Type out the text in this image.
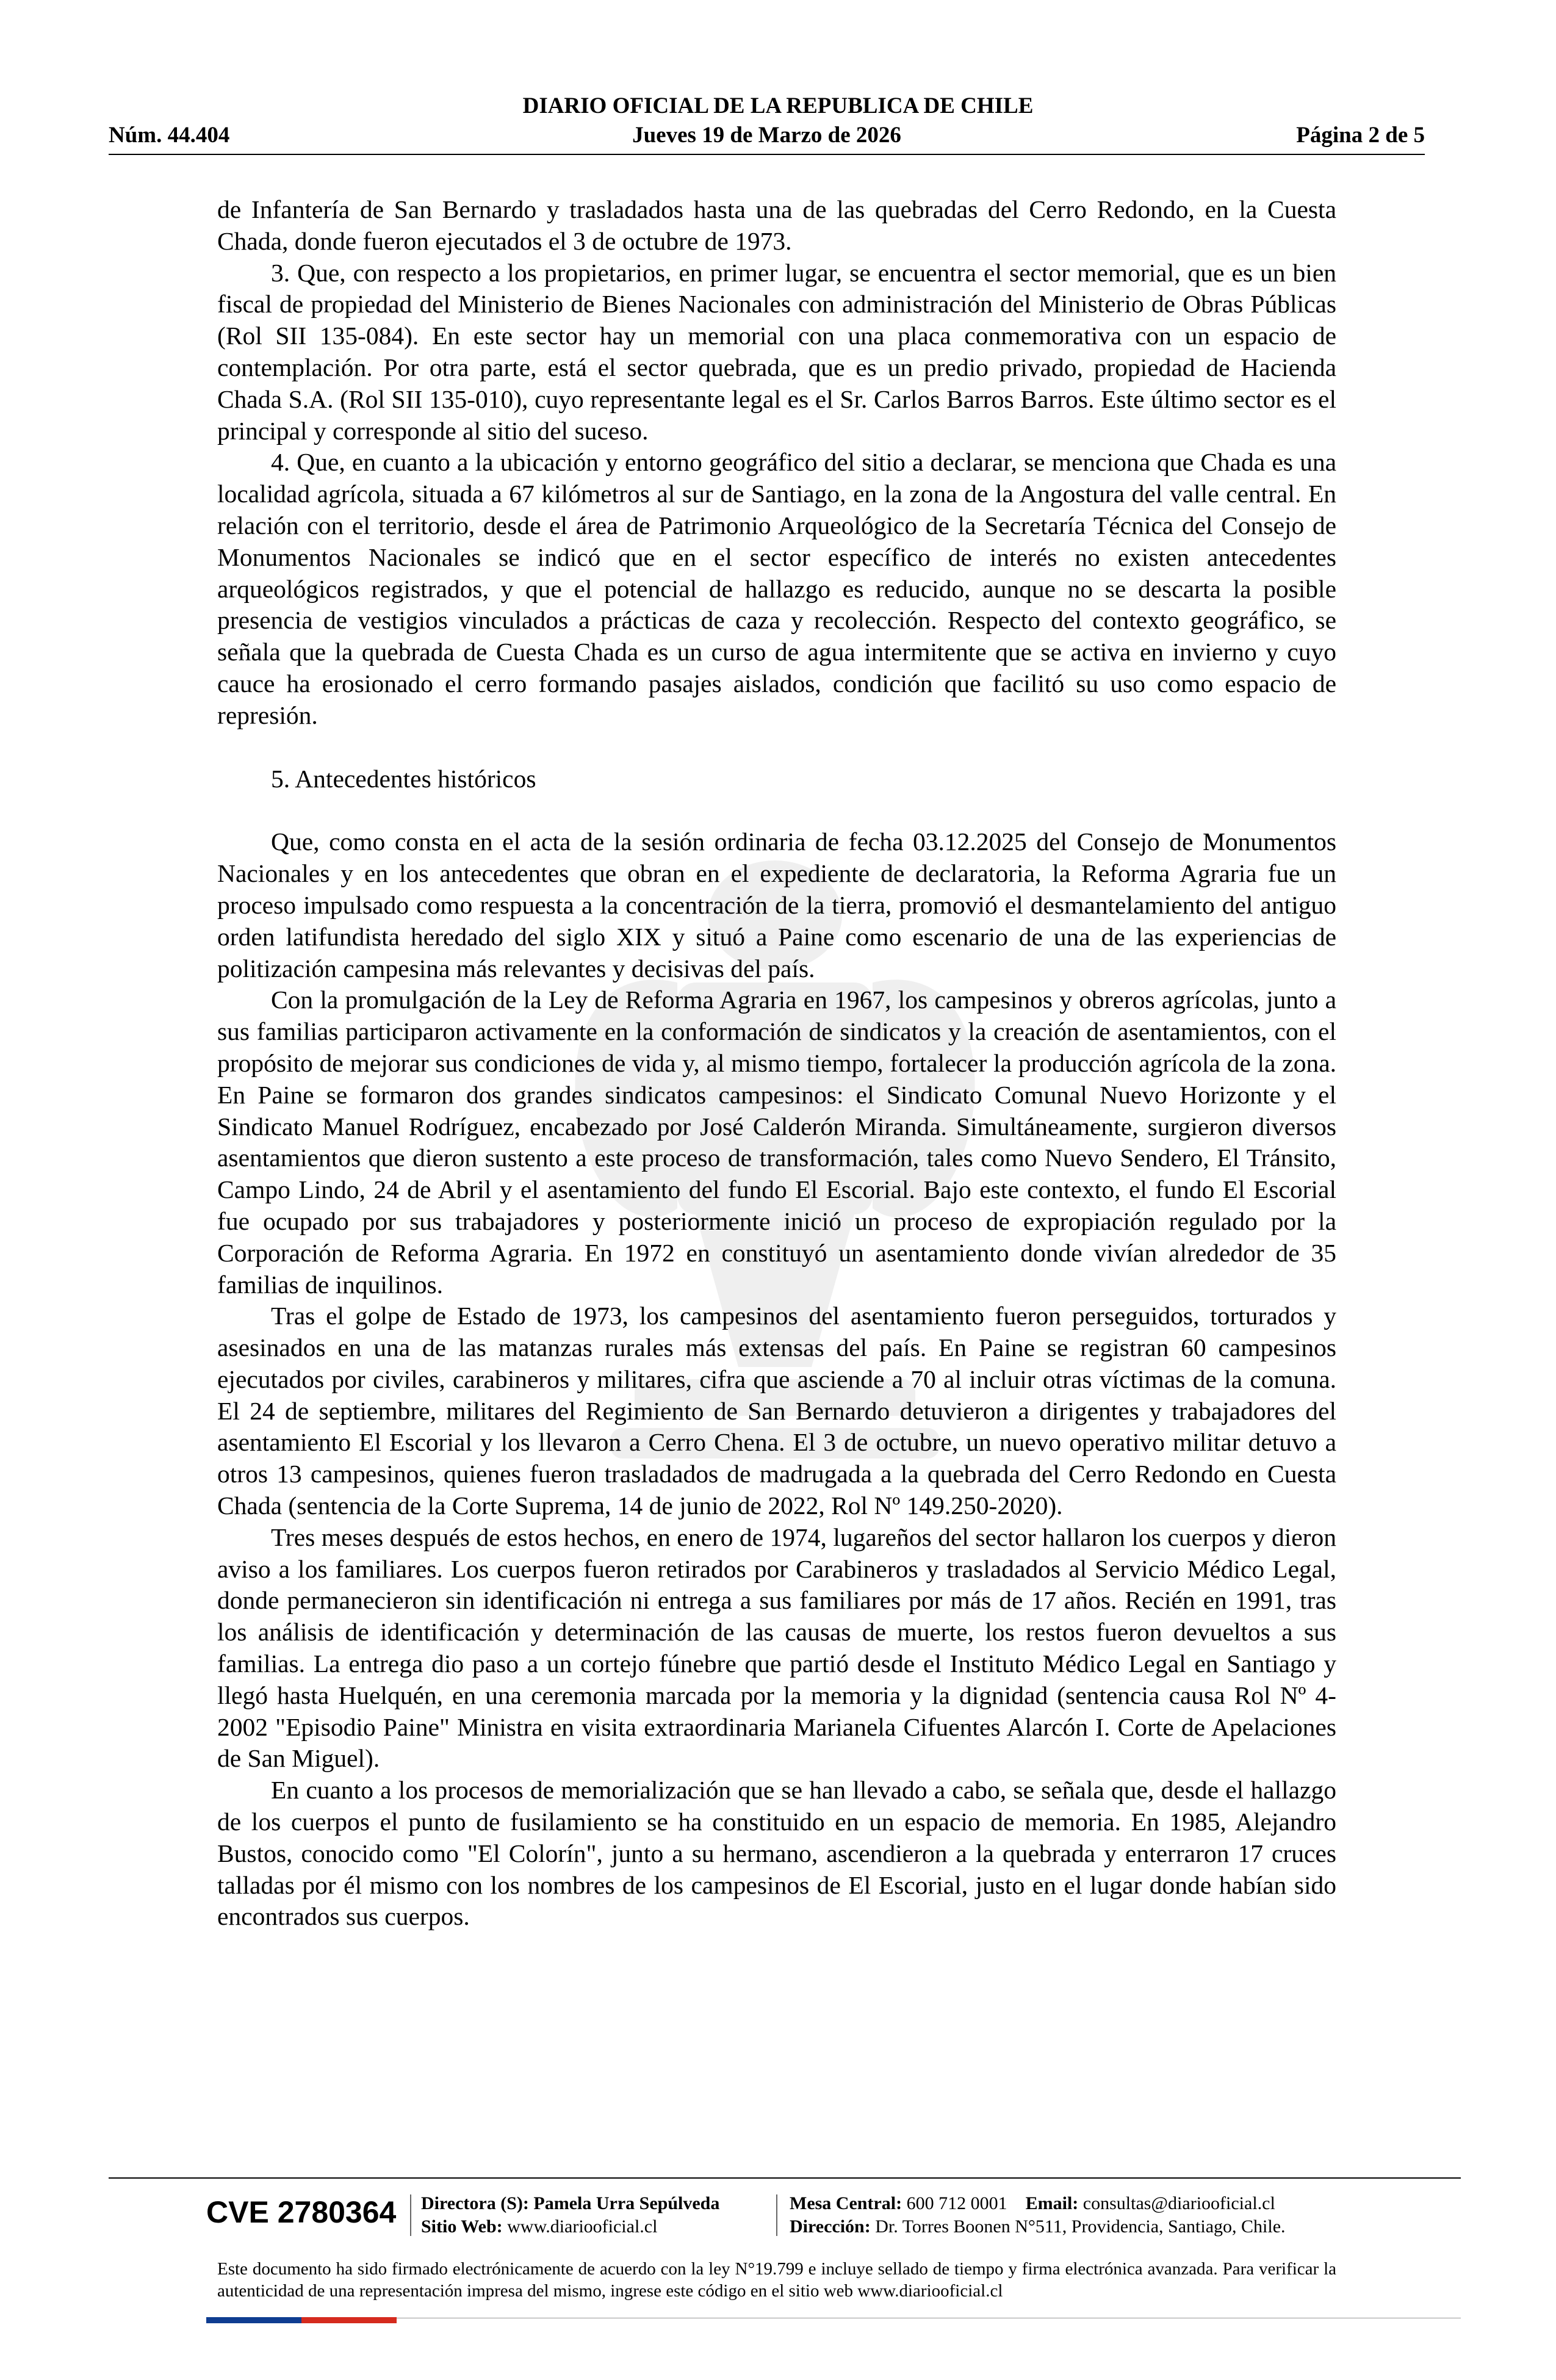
DIARIO OFICIAL DE LA REPUBLICA DE CHILE
Núm. 44.404	Jueves 19 de Marzo de 2026	Página 2 de 5

de Infantería de San Bernardo y trasladados hasta una de las quebradas del Cerro Redondo, en la Cuesta Chada, donde fueron ejecutados el 3 de octubre de 1973.

3. Que, con respecto a los propietarios, en primer lugar, se encuentra el sector memorial, que es un bien fiscal de propiedad del Ministerio de Bienes Nacionales con administración del Ministerio de Obras Públicas (Rol SII 135-084). En este sector hay un memorial con una placa conmemorativa con un espacio de contemplación. Por otra parte, está el sector quebrada, que es un predio privado, propiedad de Hacienda Chada S.A. (Rol SII 135-010), cuyo representante legal es el Sr. Carlos Barros Barros. Este último sector es el principal y corresponde al sitio del suceso.

4. Que, en cuanto a la ubicación y entorno geográfico del sitio a declarar, se menciona que Chada es una localidad agrícola, situada a 67 kilómetros al sur de Santiago, en la zona de la Angostura del valle central. En relación con el territorio, desde el área de Patrimonio Arqueológico de la Secretaría Técnica del Consejo de Monumentos Nacionales se indicó que en el sector específico de interés no existen antecedentes arqueológicos registrados, y que el potencial de hallazgo es reducido, aunque no se descarta la posible presencia de vestigios vinculados a prácticas de caza y recolección. Respecto del contexto geográfico, se señala que la quebrada de Cuesta Chada es un curso de agua intermitente que se activa en invierno y cuyo cauce ha erosionado el cerro formando pasajes aislados, condición que facilitó su uso como espacio de represión.

5. Antecedentes históricos

Que, como consta en el acta de la sesión ordinaria de fecha 03.12.2025 del Consejo de Monumentos Nacionales y en los antecedentes que obran en el expediente de declaratoria, la Reforma Agraria fue un proceso impulsado como respuesta a la concentración de la tierra, promovió el desmantelamiento del antiguo orden latifundista heredado del siglo XIX y situó a Paine como escenario de una de las experiencias de politización campesina más relevantes y decisivas del país.

Con la promulgación de la Ley de Reforma Agraria en 1967, los campesinos y obreros agrícolas, junto a sus familias participaron activamente en la conformación de sindicatos y la creación de asentamientos, con el propósito de mejorar sus condiciones de vida y, al mismo tiempo, fortalecer la producción agrícola de la zona. En Paine se formaron dos grandes sindicatos campesinos: el Sindicato Comunal Nuevo Horizonte y el Sindicato Manuel Rodríguez, encabezado por José Calderón Miranda. Simultáneamente, surgieron diversos asentamientos que dieron sustento a este proceso de transformación, tales como Nuevo Sendero, El Tránsito, Campo Lindo, 24 de Abril y el asentamiento del fundo El Escorial. Bajo este contexto, el fundo El Escorial fue ocupado por sus trabajadores y posteriormente inició un proceso de expropiación regulado por la Corporación de Reforma Agraria. En 1972 en constituyó un asentamiento donde vivían alrededor de 35 familias de inquilinos.

Tras el golpe de Estado de 1973, los campesinos del asentamiento fueron perseguidos, torturados y asesinados en una de las matanzas rurales más extensas del país. En Paine se registran 60 campesinos ejecutados por civiles, carabineros y militares, cifra que asciende a 70 al incluir otras víctimas de la comuna. El 24 de septiembre, militares del Regimiento de San Bernardo detuvieron a dirigentes y trabajadores del asentamiento El Escorial y los llevaron a Cerro Chena. El 3 de octubre, un nuevo operativo militar detuvo a otros 13 campesinos, quienes fueron trasladados de madrugada a la quebrada del Cerro Redondo en Cuesta Chada (sentencia de la Corte Suprema, 14 de junio de 2022, Rol Nº 149.250-2020).

Tres meses después de estos hechos, en enero de 1974, lugareños del sector hallaron los cuerpos y dieron aviso a los familiares. Los cuerpos fueron retirados por Carabineros y trasladados al Servicio Médico Legal, donde permanecieron sin identificación ni entrega a sus familiares por más de 17 años. Recién en 1991, tras los análisis de identificación y determinación de las causas de muerte, los restos fueron devueltos a sus familias. La entrega dio paso a un cortejo fúnebre que partió desde el Instituto Médico Legal en Santiago y llegó hasta Huelquén, en una ceremonia marcada por la memoria y la dignidad (sentencia causa Rol Nº 4-2002 "Episodio Paine" Ministra en visita extraordinaria Marianela Cifuentes Alarcón I. Corte de Apelaciones de San Miguel).

En cuanto a los procesos de memorialización que se han llevado a cabo, se señala que, desde el hallazgo de los cuerpos el punto de fusilamiento se ha constituido en un espacio de memoria. En 1985, Alejandro Bustos, conocido como "El Colorín", junto a su hermano, ascendieron a la quebrada y enterraron 17 cruces talladas por él mismo con los nombres de los campesinos de El Escorial, justo en el lugar donde habían sido encontrados sus cuerpos.

CVE 2780364 Directora (S): Pamela Urra Sepúlveda
Sitio Web: www.diariooficial.cl
Mesa Central: 600 712 0001 Email: consultas@diariooficial.cl
Dirección: Dr. Torres Boonen N°511, Providencia, Santiago, Chile.
Este documento ha sido firmado electrónicamente de acuerdo con la ley N°19.799 e incluye sellado de tiempo y firma electrónica avanzada. Para verificar la autenticidad de una representación impresa del mismo, ingrese este código en el sitio web www.diariooficial.cl
